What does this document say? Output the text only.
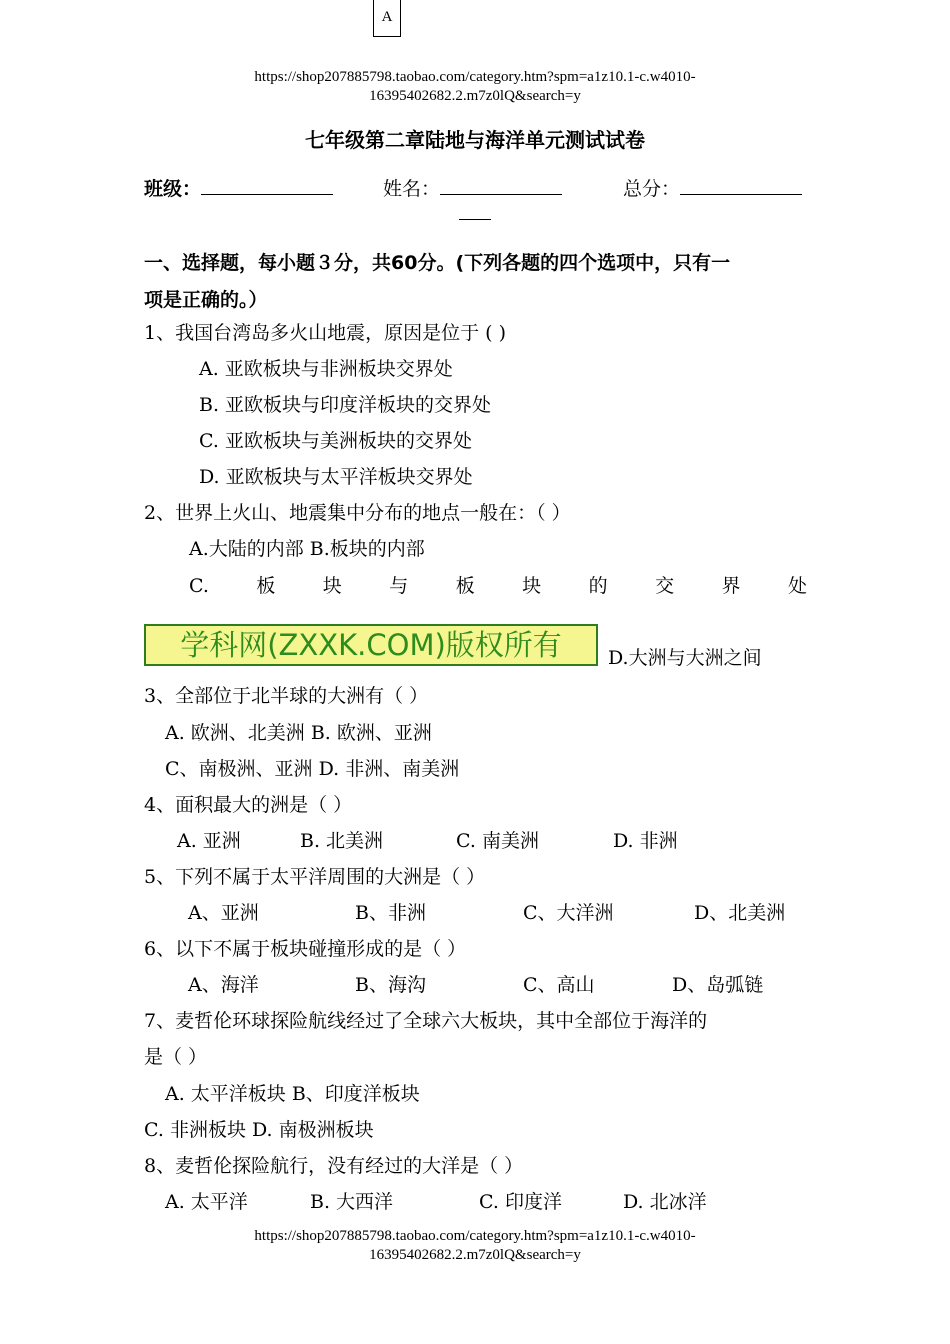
A
https://shop207885798.taobao.com/category.htm?spm=a1z10.1-c.w4010-
16395402682.2.m7z0lQ&search=y
七年级第二章陆地与海洋单元测试试卷
班级：	姓名：	总分：
一、选择题，每小题３分，共60分。(下列各题的四个选项中，只有一
项是正确的。）
1、我国台湾岛多火山地震，原因是位于 ( )
A. 亚欧板块与非洲板块交界处
B. 亚欧板块与印度洋板块的交界处
C. 亚欧板块与美洲板块的交界处
D. 亚欧板块与太平洋板块交界处
2、世界上火山、地震集中分布的地点一般在：（ ）
A.大陆的内部 B.板块的内部
C. 板 块 与 板 块 的 交 界 处
学科网(ZXXK.COM)版权所有	D.大洲与大洲之间
3、全部位于北半球的大洲有（ ）
A. 欧洲、北美洲 B. 欧洲、亚洲
C、南极洲、亚洲 D. 非洲、南美洲
4、面积最大的洲是（ ）
A. 亚洲	B. 北美洲	C. 南美洲	D. 非洲
5、下列不属于太平洋周围的大洲是（ ）
A、亚洲	B、非洲	C、大洋洲	D、北美洲
6、以下不属于板块碰撞形成的是（ ）
A、海洋	B、海沟	C、高山	D、岛弧链
7、麦哲伦环球探险航线经过了全球六大板块，其中全部位于海洋的
是（ ）
A. 太平洋板块 B、印度洋板块
C. 非洲板块 D. 南极洲板块
8、麦哲伦探险航行，没有经过的大洋是（ ）
A. 太平洋	B. 大西洋	C. 印度洋	D. 北冰洋
https://shop207885798.taobao.com/category.htm?spm=a1z10.1-c.w4010-
16395402682.2.m7z0lQ&search=y
